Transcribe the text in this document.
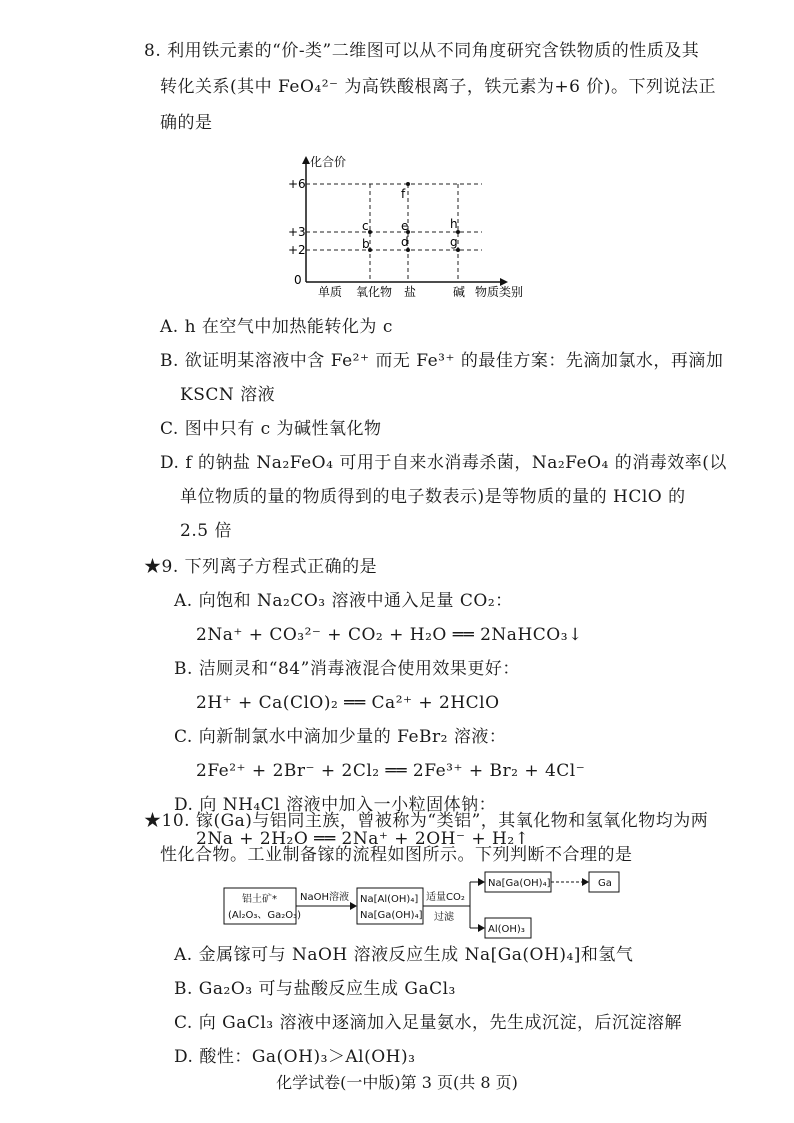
8. 利用铁元素的“价-类”二维图可以从不同角度研究含铁物质的性质及其
转化关系(其中 FeO₄²⁻ 为高铁酸根离子，铁元素为+6 价)。下列说法正
确的是
化合价
+6
+3
+2
0
f
c	e	h
b	d	g
单质 氧化物 盐	碱 物质类别
A. h 在空气中加热能转化为 c
B. 欲证明某溶液中含 Fe²⁺ 而无 Fe³⁺ 的最佳方案：先滴加氯水，再滴加
KSCN 溶液
C. 图中只有 c 为碱性氧化物
D. f 的钠盐 Na₂FeO₄ 可用于自来水消毒杀菌，Na₂FeO₄ 的消毒效率(以
单位物质的量的物质得到的电子数表示)是等物质的量的 HClO 的
2.5 倍
★9. 下列离子方程式正确的是
A. 向饱和 Na₂CO₃ 溶液中通入足量 CO₂：
2Na⁺ + CO₃²⁻ + CO₂ + H₂O ══ 2NaHCO₃↓
B. 洁厕灵和“84”消毒液混合使用效果更好：
2H⁺ + Ca(ClO)₂ ══ Ca²⁺ + 2HClO
C. 向新制氯水中滴加少量的 FeBr₂ 溶液：
2Fe²⁺ + 2Br⁻ + 2Cl₂ ══ 2Fe³⁺ + Br₂ + 4Cl⁻
D. 向 NH₄Cl 溶液中加入一小粒固体钠：
2Na + 2H₂O ══ 2Na⁺ + 2OH⁻ + H₂↑
★10. 镓(Ga)与铝同主族，曾被称为“类铝”，其氧化物和氢氧化物均为两
性化合物。工业制备镓的流程如图所示。下列判断不合理的是
铝土矿*
(Al₂O₃、Ga₂O₃)
NaOH溶液 Na[Al(OH)₄]
Na[Ga(OH)₄]
适量CO₂
过滤
Na[Ga(OH)₄]	Ga
Al(OH)₃
A. 金属镓可与 NaOH 溶液反应生成 Na[Ga(OH)₄]和氢气
B. Ga₂O₃ 可与盐酸反应生成 GaCl₃
C. 向 GaCl₃ 溶液中逐滴加入足量氨水，先生成沉淀，后沉淀溶解
D. 酸性：Ga(OH)₃＞Al(OH)₃
化学试卷(一中版)第 3 页(共 8 页)
